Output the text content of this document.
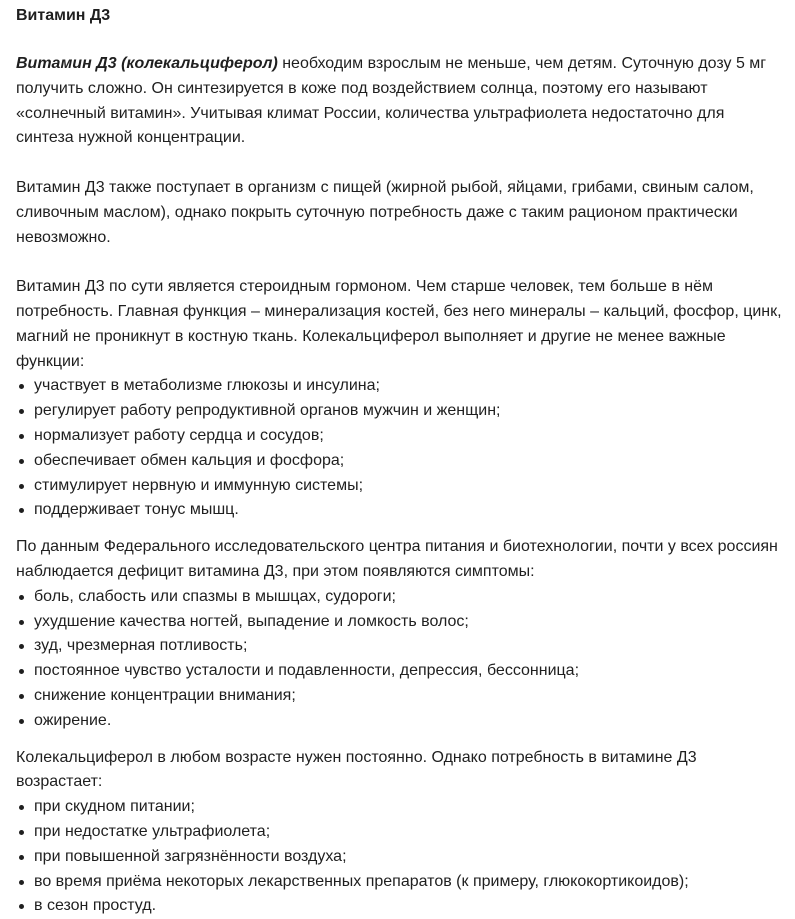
Витамин Д3

Витамин Д3 (колекальциферол) необходим взрослым не меньше, чем детям. Суточную дозу 5 мг получить сложно. Он синтезируется в коже под воздействием солнца, поэтому его называют «солнечный витамин». Учитывая климат России, количества ультрафиолета недостаточно для синтеза нужной концентрации.

Витамин Д3 также поступает в организм с пищей (жирной рыбой, яйцами, грибами, свиным салом, сливочным маслом), однако покрыть суточную потребность даже с таким рационом практически невозможно.

Витамин Д3 по сути является стероидным гормоном. Чем старше человек, тем больше в нём потребность. Главная функция – минерализация костей, без него минералы – кальций, фосфор, цинк, магний не проникнут в костную ткань. Колекальциферол выполняет и другие не менее важные функции:

участвует в метаболизме глюкозы и инсулина;
регулирует работу репродуктивной органов мужчин и женщин;
нормализует работу сердца и сосудов;
обеспечивает обмен кальция и фосфора;
стимулирует нервную и иммунную системы;
поддерживает тонус мышц.

По данным Федерального исследовательского центра питания и биотехнологии, почти у всех россиян наблюдается дефицит витамина Д3, при этом появляются симптомы:

боль, слабость или спазмы в мышцах, судороги;
ухудшение качества ногтей, выпадение и ломкость волос;
зуд, чрезмерная потливость;
постоянное чувство усталости и подавленности, депрессия, бессонница;
снижение концентрации внимания;
ожирение.

Колекальциферол в любом возрасте нужен постоянно. Однако потребность в витамине Д3 возрастает:

при скудном питании;
при недостатке ультрафиолета;
при повышенной загрязнённости воздуха;
во время приёма некоторых лекарственных препаратов (к примеру, глюкокортикоидов);
в сезон простуд.
